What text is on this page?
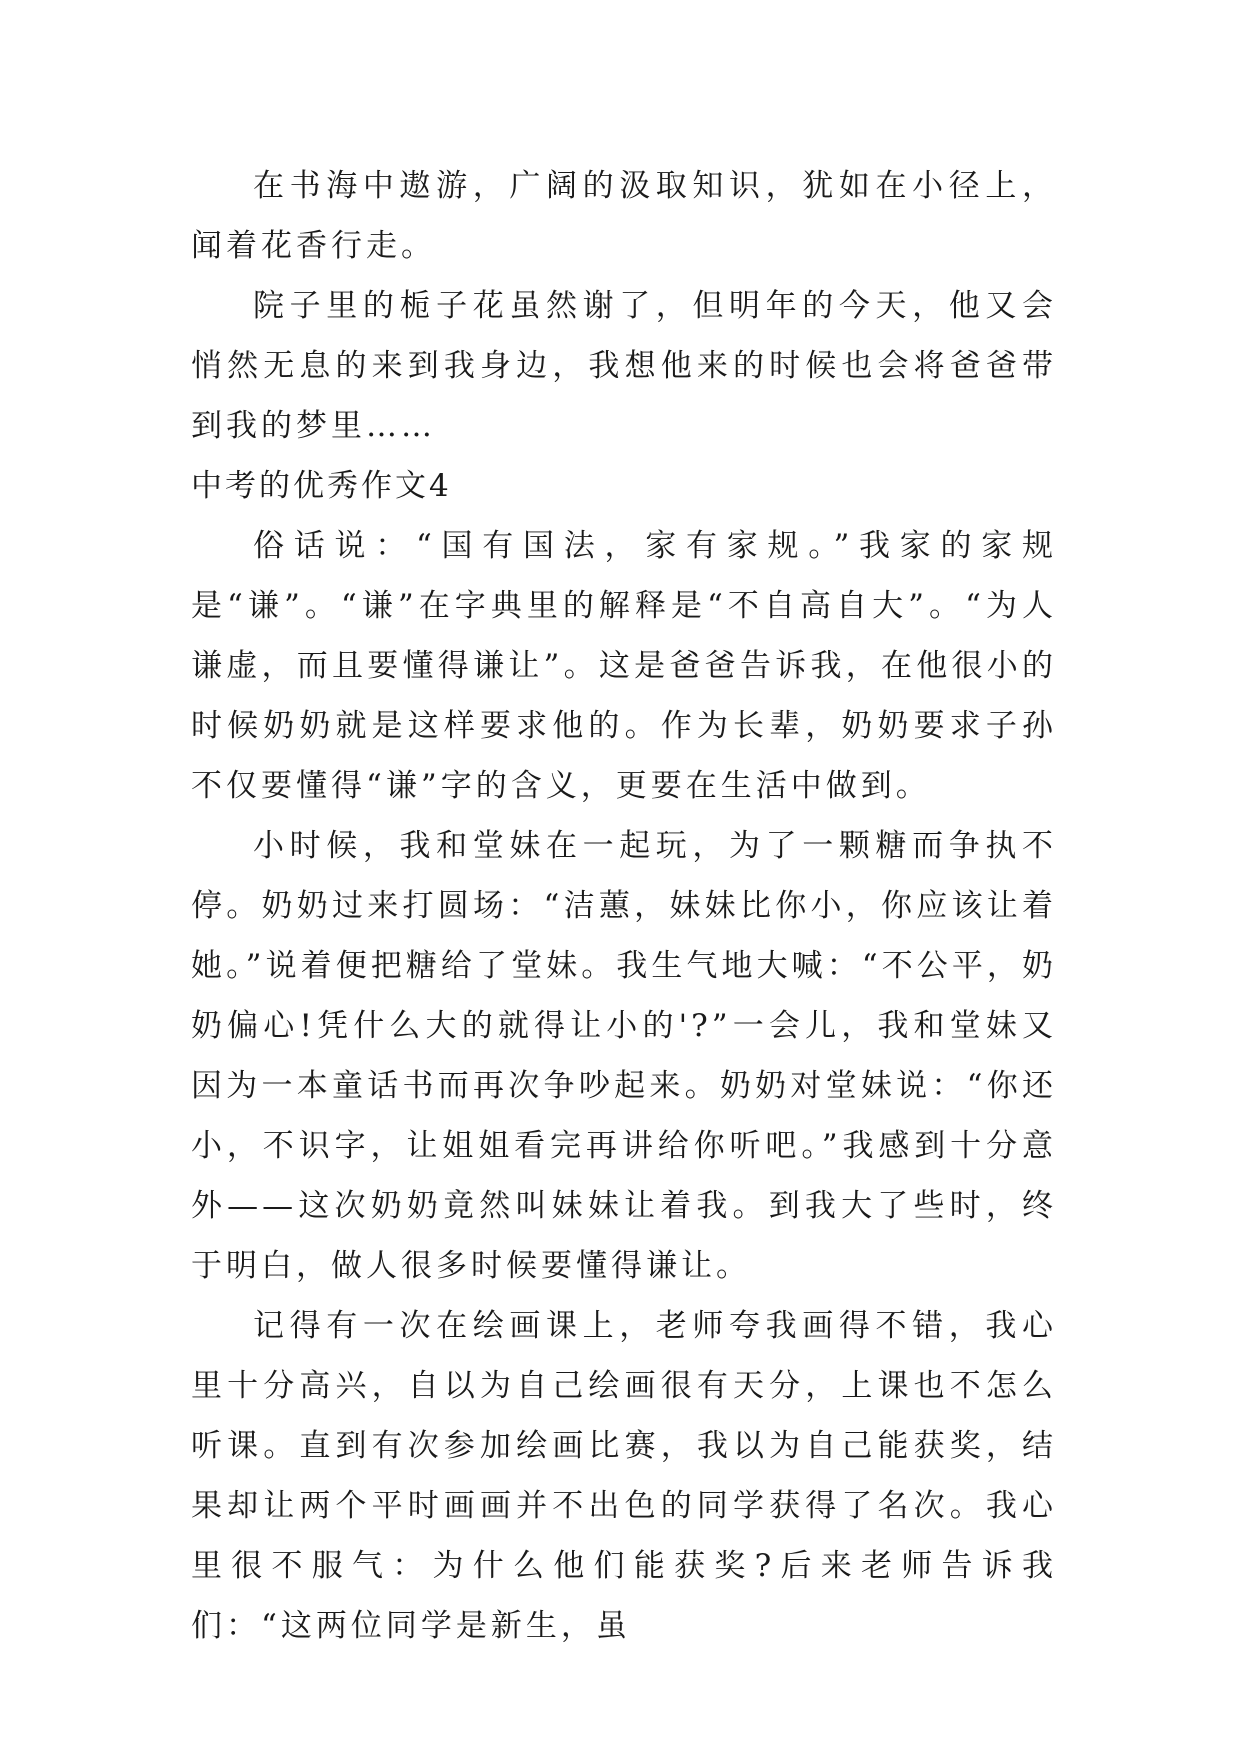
在书海中遨游，广阔的汲取知识，犹如在小径上，闻着花香行走。

院子里的栀子花虽然谢了，但明年的今天，他又会悄然无息的来到我身边，我想他来的时候也会将爸爸带到我的梦里……

中考的优秀作文4

俗话说：“国有国法，家有家规。”我家的家规是“谦”。“谦”在字典里的解释是“不自高自大”。“为人谦虚，而且要懂得谦让”。这是爸爸告诉我，在他很小的时候奶奶就是这样要求他的。作为长辈，奶奶要求子孙不仅要懂得“谦”字的含义，更要在生活中做到。

小时候，我和堂妹在一起玩，为了一颗糖而争执不停。奶奶过来打圆场：“洁蕙，妹妹比你小，你应该让着她。”说着便把糖给了堂妹。我生气地大喊：“不公平，奶奶偏心!凭什么大的就得让小的'?”一会儿，我和堂妹又因为一本童话书而再次争吵起来。奶奶对堂妹说：“你还小，不识字，让姐姐看完再讲给你听吧。”我感到十分意外——这次奶奶竟然叫妹妹让着我。到我大了些时，终于明白，做人很多时候要懂得谦让。

记得有一次在绘画课上，老师夸我画得不错，我心里十分高兴，自以为自己绘画很有天分，上课也不怎么听课。直到有次参加绘画比赛，我以为自己能获奖，结果却让两个平时画画并不出色的同学获得了名次。我心里很不服气：为什么他们能获奖?后来老师告诉我们：“这两位同学是新生，虽
